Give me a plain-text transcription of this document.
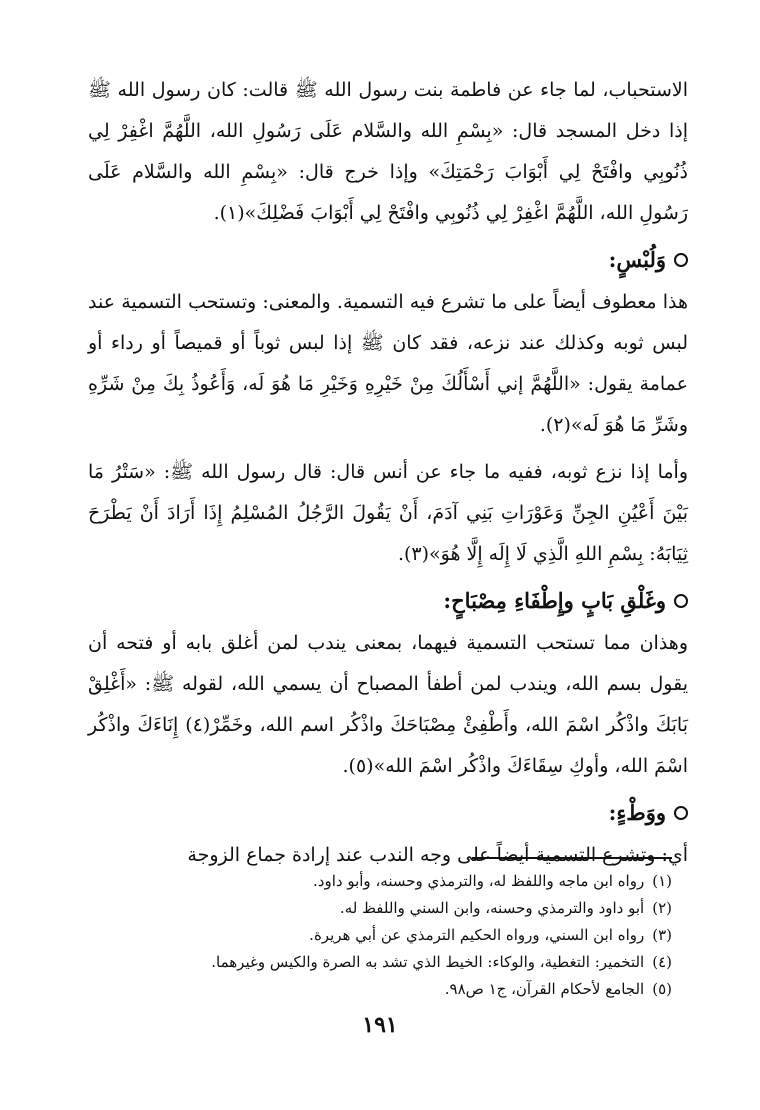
الاستحباب، لما جاء عن فاطمة بنت رسول الله ﷺ قالت: كان رسول الله ﷺ إذا دخل المسجد قال: «بِسْمِ الله والسَّلام عَلَى رَسُولِ الله، اللَّهُمَّ اغْفِرْ لِي ذُنُوبِي وافْتَحْ لِي أَبْوَابَ رَحْمَتِكَ» وإذا خرج قال: «بِسْمِ الله والسَّلام عَلَى رَسُولِ الله، اللَّهُمَّ اغْفِرْ لِي ذُنُوبِي وافْتَحْ لِي أَبْوَابَ فَضْلِكَ»(١).

وَلُبْسٍ:

هذا معطوف أيضاً على ما تشرع فيه التسمية. والمعنى: وتستحب التسمية عند لبس ثوبه وكذلك عند نزعه، فقد كان ﷺ إذا لبس ثوباً أو قميصاً أو رداء أو عمامة يقول: «اللَّهُمَّ إني أَسْأَلُكَ مِنْ خَيْرِهِ وَخَيْرِ مَا هُوَ لَه، وَأَعُوذُ بِكَ مِنْ شَرِّهِ وشَرِّ مَا هُوَ لَه»(٢).

وأما إذا نزع ثوبه، ففيه ما جاء عن أنس قال: قال رسول الله ﷺ: «سَتْرُ مَا بَيْنَ أَعْيُنِ الجِنِّ وَعَوْرَاتِ بَنِي آدَمَ، أَنْ يَقُولَ الرَّجُلُ المُسْلِمُ إِذَا أَرَادَ أَنْ يَطْرَحَ ثِيَابَهُ: بِسْمِ اللهِ الَّذِي لَا إِلَه إِلَّا هُوَ»(٣).

وغَلْقِ بَابٍ وإِطْفَاءِ مِصْبَاحٍ:

وهذان مما تستحب التسمية فيهما، بمعنى يندب لمن أغلق بابه أو فتحه أن يقول بسم الله، ويندب لمن أطفأ المصباح أن يسمي الله، لقوله ﷺ: «أَغْلِقْ بَابَكَ واذْكُر اسْمَ الله، وأَطْفِئْ مِصْبَاحَكَ واذْكُر اسم الله، وخَمِّرْ(٤) إِنَاءَكَ واذْكُر اسْمَ الله، وأوكِ سِقَاءَكَ واذْكُر اسْمَ الله»(٥).

ووَطْءٍ:

أي: وتشرع التسمية أيضاً على وجه الندب عند إرادة جماع الزوجة

(١)رواه ابن ماجه واللفظ له، والترمذي وحسنه، وأبو داود.
(٢)أبو داود والترمذي وحسنه، وابن السني واللفظ له.
(٣)رواه ابن السني، ورواه الحكيم الترمذي عن أبي هريرة.
(٤)التخمير: التغطية، والوكاء: الخيط الذي تشد به الصرة والكيس وغيرهما.
(٥)الجامع لأحكام القرآن، ج١ ص٩٨.
١٩١
